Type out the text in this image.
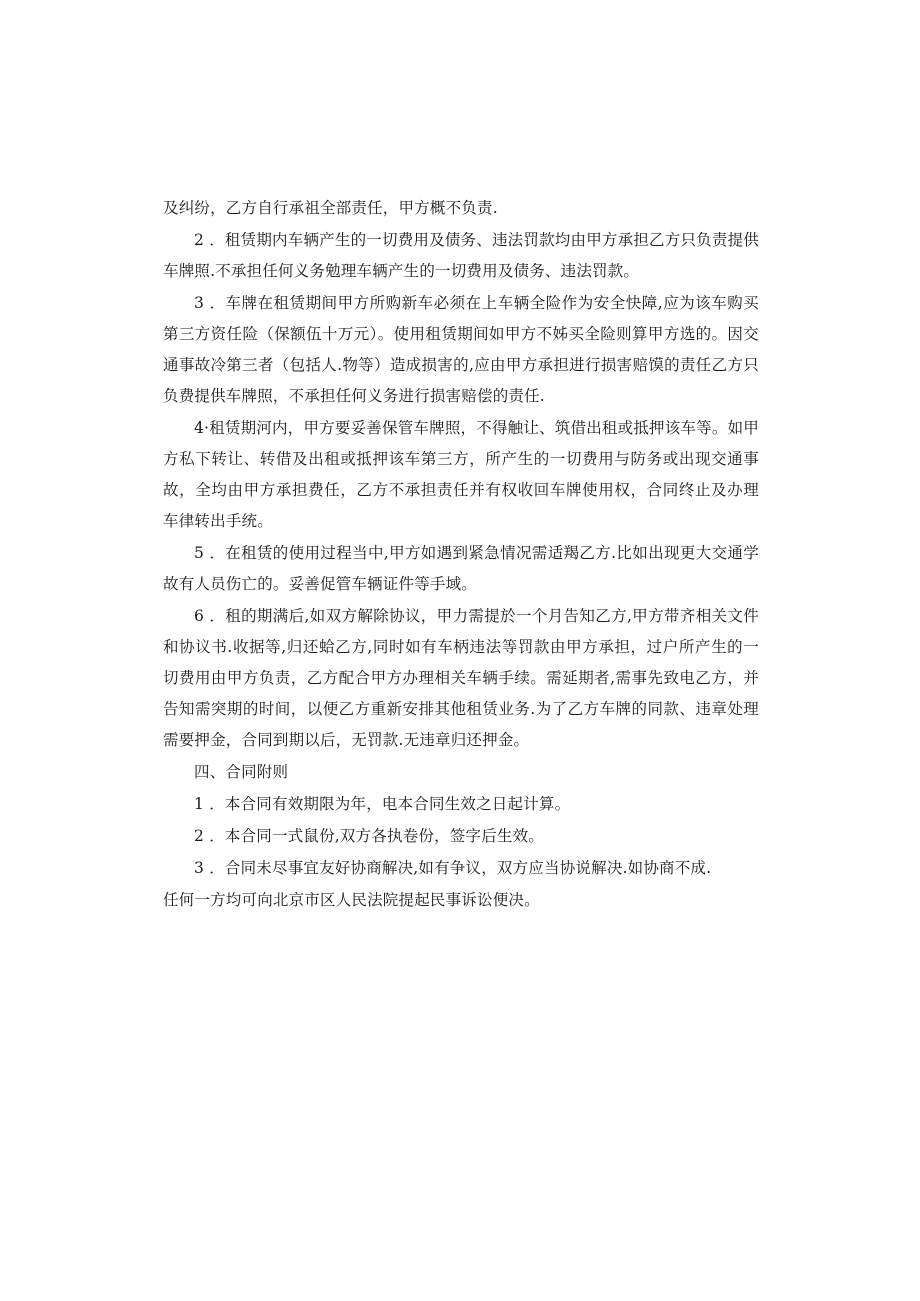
及纠纷，乙方自行承祖全部责任，甲方概不负责.

2 ．租赁期内车辆产生的一切费用及债务、违法罚款均由甲方承担乙方只负责提供车牌照.不承担任何义务勉理车辆产生的一切费用及债务、违法罚款。

3 ．车牌在租赁期间甲方所购新车必须在上车辆全险作为安全快障,应为该车购买第三方资任险（保额伍十万元）。使用租赁期间如甲方不姊买全险则算甲方选的。因交通事故冷第三者（包括人.物等）造成损害的,应由甲方承担进行损害赔馍的责任乙方只负费提供车牌照，不承担任何义务进行损害赔偿的责任.

4·租赁期河内，甲方要妥善保管车牌照，不得触让、筑借出租或抵押该车等。如甲方私下转让、转借及出租或抵押该车第三方，所产生的一切费用与防务或出现交通事故，全均由甲方承担费任，乙方不承担责任并有权收回车牌使用权，合同终止及办理车律转出手统。

5 ．在租赁的使用过程当中,甲方如遇到紧急情况需适羯乙方.比如出现更大交通学故有人员伤亡的。妥善促管车辆证件等手域。

6 ．租的期满后,如双方解除协议，甲力需提於一个月告知乙方,甲方带齐相关文件和协议书.收据等,归还蛤乙方,同时如有车柄违法等罚款由甲方承担，过户所产生的一切费用由甲方负责，乙方配合甲方办理相关车辆手续。需延期者,需事先致电乙方，并告知需突期的时间，以便乙方重新安排其他租赁业务.为了乙方车牌的同款、违章处理需要押金，合同到期以后，无罚款.无违章归还押金。

四、合同附则

1 ．本合同有效期限为年，电本合同生效之日起计算。

2 ．本合同一式鼠份,双方各执卷份，签字后生效。

3 ．合同未尽事宜友好协商解决,如有争议，双方应当协说解决.如协商不成.

任何一方均可向北京市区人民法院提起民事诉讼便决。
